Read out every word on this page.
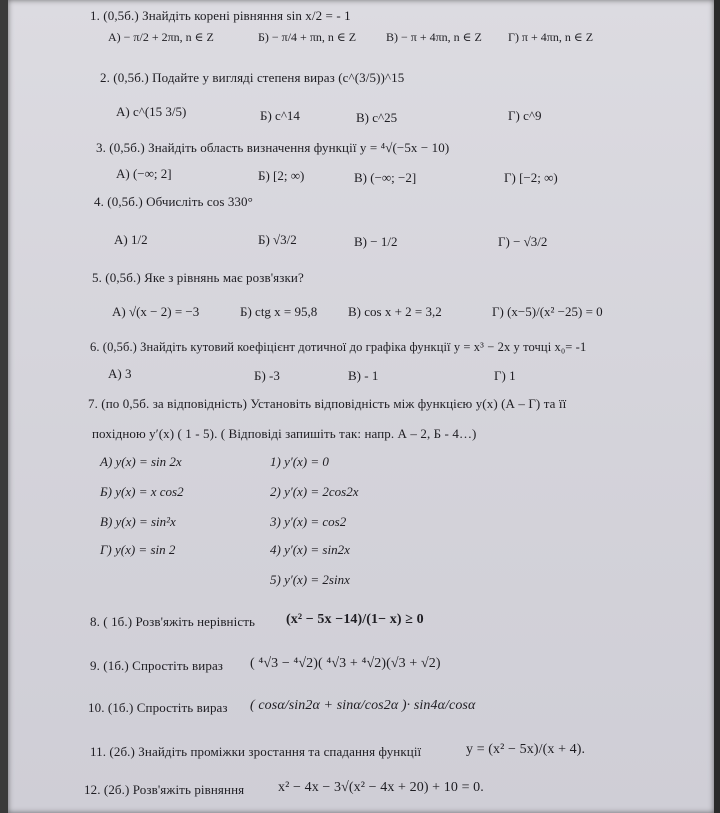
1. (0,5б.) Знайдіть корені рівняння sin x/2 = - 1
А) − π/2 + 2πn, n ∈ Z	Б) − π/4 + πn, n ∈ Z В) − π + 4πn, n ∈ Z Г) π + 4πn, n ∈ Z
2. (0,5б.) Подайте у вигляді степеня вираз (c^(3/5))^15
А) c^(15 3/5)	Б) c^14	В) c^25	Г) c^9
3. (0,5б.) Знайдіть область визначення функції y = ⁴√(−5x − 10)
А) (−∞; 2]	Б) [2; ∞)	В) (−∞; −2]	Г) [−2; ∞)
4. (0,5б.) Обчисліть cos 330°
А) 1/2	Б) √3/2	В) − 1/2	Г) − √3/2
5. (0,5б.) Яке з рівнянь має розв'язки?
А) √(x − 2) = −3	Б) ctg x = 95,8 В) cos x + 2 = 3,2	Г) (x−5)/(x² −25) = 0
6. (0,5б.) Знайдіть кутовий коефіцієнт дотичної до графіка функції y = x³ − 2x у точці x₀= -1
А) 3	Б) -3	В) - 1	Г) 1
7. (по 0,5б. за відповідність) Установіть відповідність між функцією y(x) (А – Г) та її
похідною y′(x) ( 1 - 5). ( Відповіді запишіть так: напр. А – 2, Б - 4…)
А) y(x) = sin 2x
Б) y(x) = x cos2
В) y(x) = sin²x
Г) y(x) = sin 2
1) y′(x) = 0
2) y′(x) = 2cos2x
3) y′(x) = cos2
4) y′(x) = sin2x
5) y′(x) = 2sinx
8. ( 1б.) Розв'яжіть нерівність (x² − 5x −14)/(1− x) ≥ 0
9. (1б.) Спростіть вираз ( ⁴√3 − ⁴√2)( ⁴√3 + ⁴√2)(√3 + √2)
10. (1б.) Спростіть вираз ( cosα/sin2α + sinα/cos2α )· sin4α/cosα
11. (2б.) Знайдіть проміжки зростання та спадання функції	y = (x² − 5x)/(x + 4).
12. (2б.) Розв'яжіть рівняння x² − 4x − 3√(x² − 4x + 20) + 10 = 0.
